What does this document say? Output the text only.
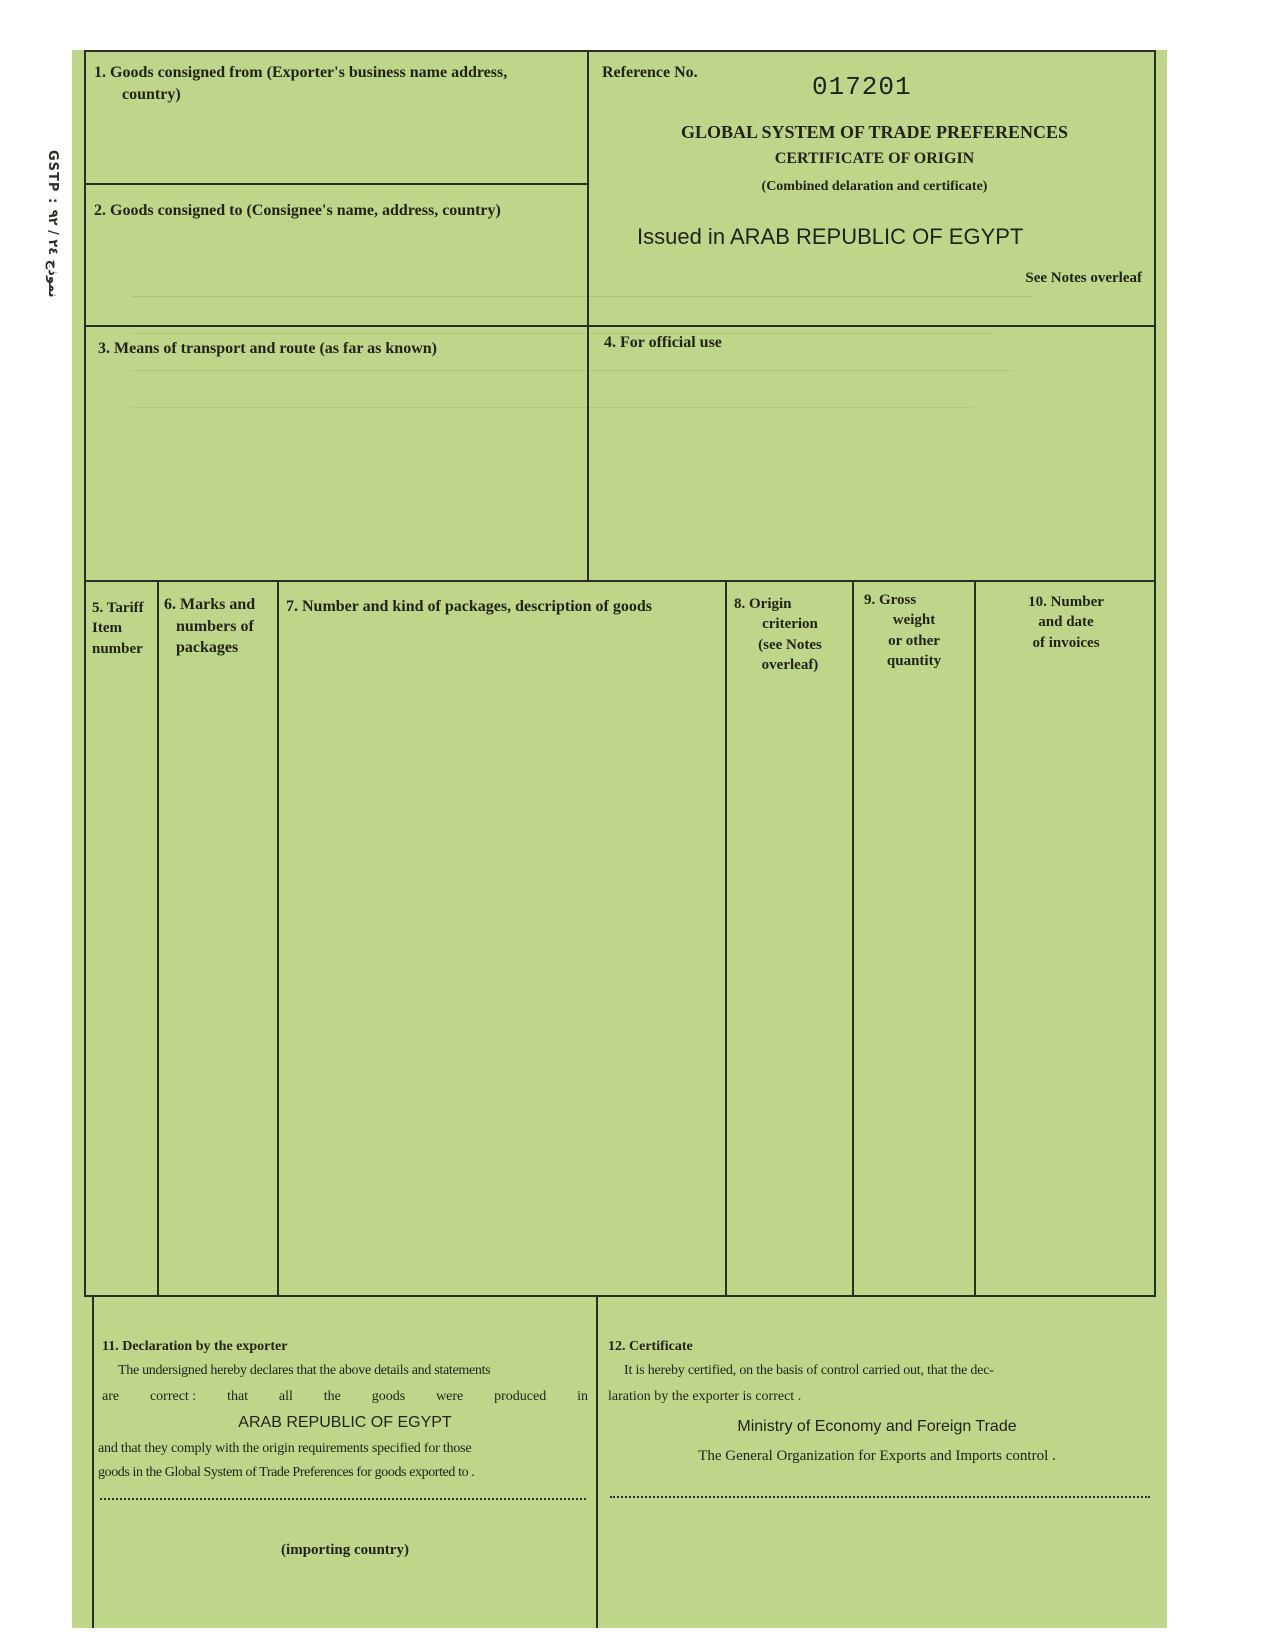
1. Goods consigned from (Exporter's business name address,
country)
2. Goods consigned to (Consignee's name, address, country)
Reference No.	017201
GLOBAL SYSTEM OF TRADE PREFERENCES
CERTIFICATE OF ORIGIN
(Combined delaration and certificate)
Issued in ARAB REPUBLIC OF EGYPT
See Notes overleaf
3. Means of transport and route (as far as known)	4. For official use
5. Tariff
Item
number
6. Marks and
numbers of
packages
7. Number and kind of packages, description of goods	8. Origin
criterion
(see Notes
overleaf)
9. Gross
weight
or other
quantity
10. Number
and date
of invoices
11. Declaration by the exporter
The undersigned hereby declares that the above details and statements
are correct : that all the goods were produced in
ARAB REPUBLIC OF EGYPT
and that they comply with the origin requirements specified for those
goods in the Global System of Trade Preferences for goods exported to .
(importing country)
12. Certificate
It is hereby certified, on the basis of control carried out, that the dec-
laration by the exporter is correct .
Ministry of Economy and Foreign Trade
The General Organization for Exports and Imports control .
GSTP : نموذج ٢٤ / ٩٢
